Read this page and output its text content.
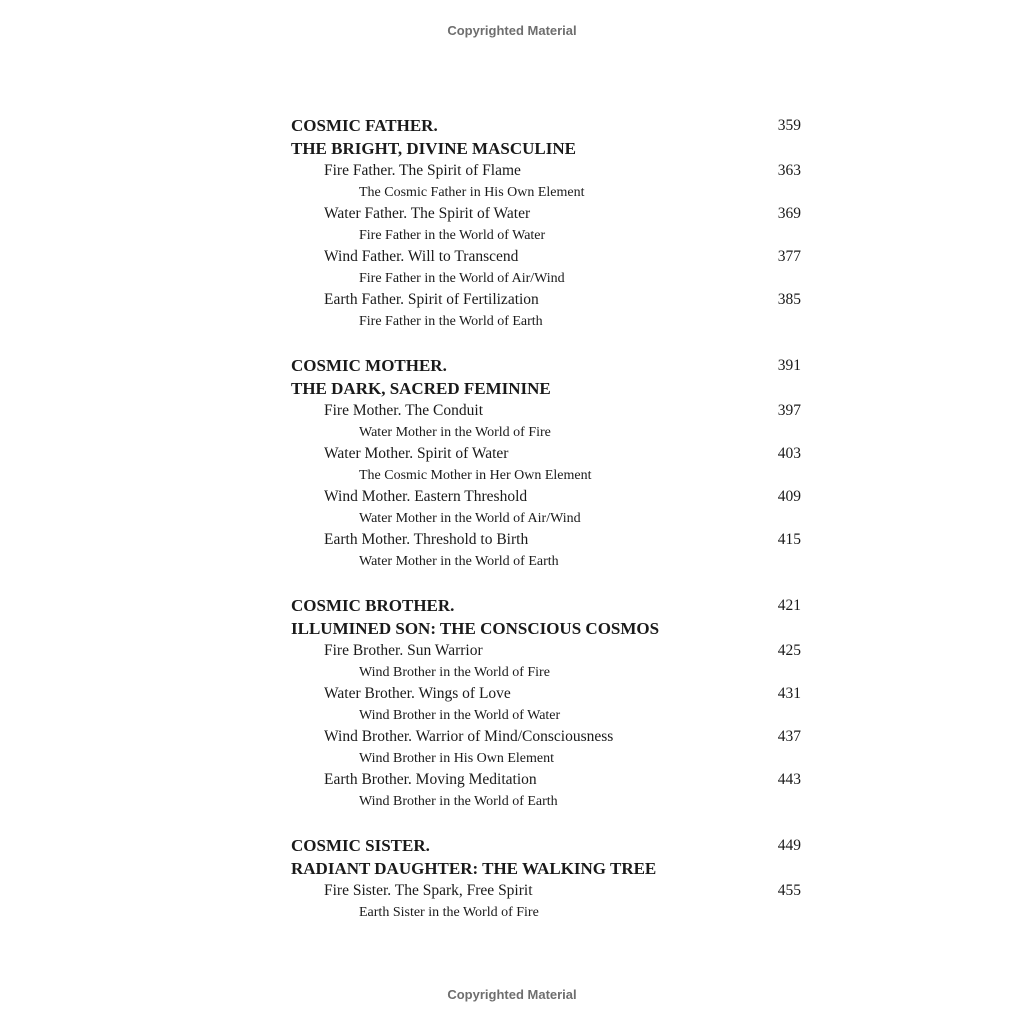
Copyrighted Material
COSMIC FATHER.	359
THE BRIGHT, DIVINE MASCULINE
Fire Father. The Spirit of Flame	363
The Cosmic Father in His Own Element
Water Father. The Spirit of Water	369
Fire Father in the World of Water
Wind Father. Will to Transcend	377
Fire Father in the World of Air/Wind
Earth Father. Spirit of Fertilization	385
Fire Father in the World of Earth
COSMIC MOTHER.	391
THE DARK, SACRED FEMININE
Fire Mother. The Conduit	397
Water Mother in the World of Fire
Water Mother. Spirit of Water	403
The Cosmic Mother in Her Own Element
Wind Mother. Eastern Threshold	409
Water Mother in the World of Air/Wind
Earth Mother. Threshold to Birth	415
Water Mother in the World of Earth
COSMIC BROTHER.	421
ILLUMINED SON: THE CONSCIOUS COSMOS
Fire Brother. Sun Warrior	425
Wind Brother in the World of Fire
Water Brother. Wings of Love	431
Wind Brother in the World of Water
Wind Brother. Warrior of Mind/Consciousness	437
Wind Brother in His Own Element
Earth Brother. Moving Meditation	443
Wind Brother in the World of Earth
COSMIC SISTER.	449
RADIANT DAUGHTER: THE WALKING TREE
Fire Sister. The Spark, Free Spirit	455
Earth Sister in the World of Fire
Copyrighted Material
